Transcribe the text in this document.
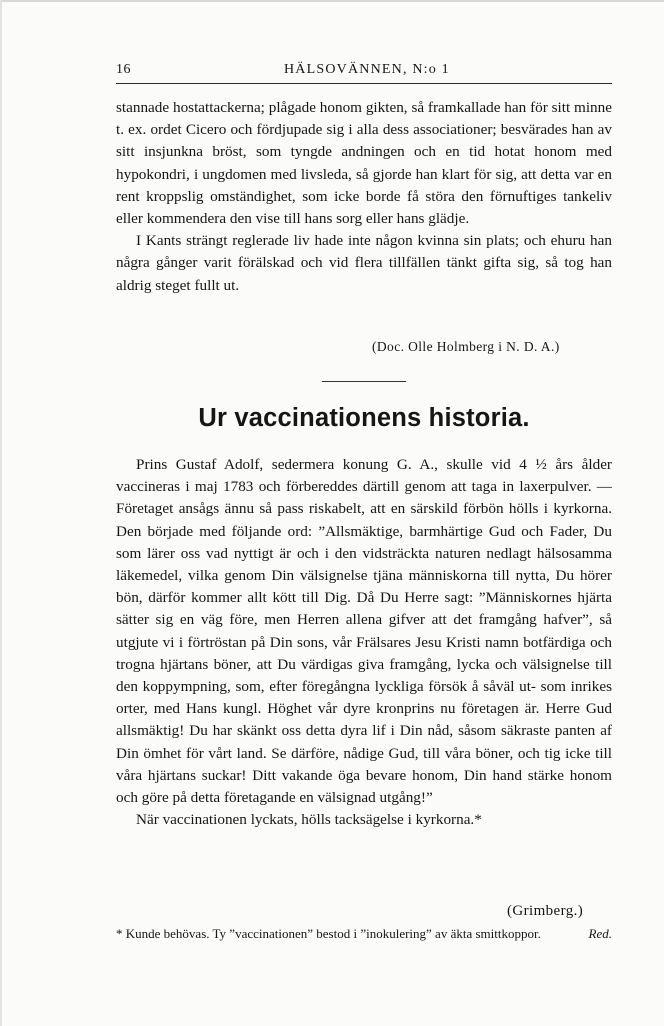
16	HÄLSOVÄNNEN, N:o 1

stannade hostattackerna; plågade honom gikten, så framkallade han för sitt minne t. ex. ordet Cicero och fördjupade sig i alla dess associationer; besvärades han av sitt insjunkna bröst, som tyngde andningen och en tid hotat honom med hypokondri, i ungdomen med livsleda, så gjorde han klart för sig, att detta var en rent kroppslig omständighet, som icke borde få störa den förnuftiges tankeliv eller kommendera den vise till hans sorg eller hans glädje.

I Kants strängt reglerade liv hade inte någon kvinna sin plats; och ehuru han några gånger varit förälskad och vid flera tillfällen tänkt gifta sig, så tog han aldrig steget fullt ut.

(Doc. Olle Holmberg i N. D. A.)
Ur vaccinationens historia.

Prins Gustaf Adolf, sedermera konung G. A., skulle vid 4 ½ års ålder vaccineras i maj 1783 och förbereddes därtill genom att taga in laxerpulver. — Företaget ansågs ännu så pass riskabelt, att en särskild förbön hölls i kyrkorna. Den började med följande ord: ”Allsmäktige, barmhärtige Gud och Fader, Du som lärer oss vad nyttigt är och i den vidsträckta naturen nedlagt hälsosamma läkemedel, vilka genom Din välsignelse tjäna människorna till nytta, Du hörer bön, därför kommer allt kött till Dig. Då Du Herre sagt: ”Människornes hjärta sätter sig en väg före, men Herren allena gifver att det framgång hafver”, så utgjute vi i förtröstan på Din sons, vår Frälsares Jesu Kristi namn botfärdiga och trogna hjärtans böner, att Du värdigas giva framgång, lycka och välsignelse till den koppympning, som, efter föregångna lyckliga försök å såväl ut- som inrikes orter, med Hans kungl. Höghet vår dyre kronprins nu företagen är. Herre Gud allsmäktig! Du har skänkt oss detta dyra lif i Din nåd, såsom säkraste panten af Din ömhet för vårt land. Se därföre, nådige Gud, till våra böner, och tig icke till våra hjärtans suckar! Ditt vakande öga bevare honom, Din hand stärke honom och göre på detta företagande en välsignad utgång!”

När vaccinationen lyckats, hölls tacksägelse i kyrkorna.*

(Grimberg.)

* Kunde behövas. Ty ”vaccinationen” bestod i ”inokulering” av äkta smittkoppor.	Red.
